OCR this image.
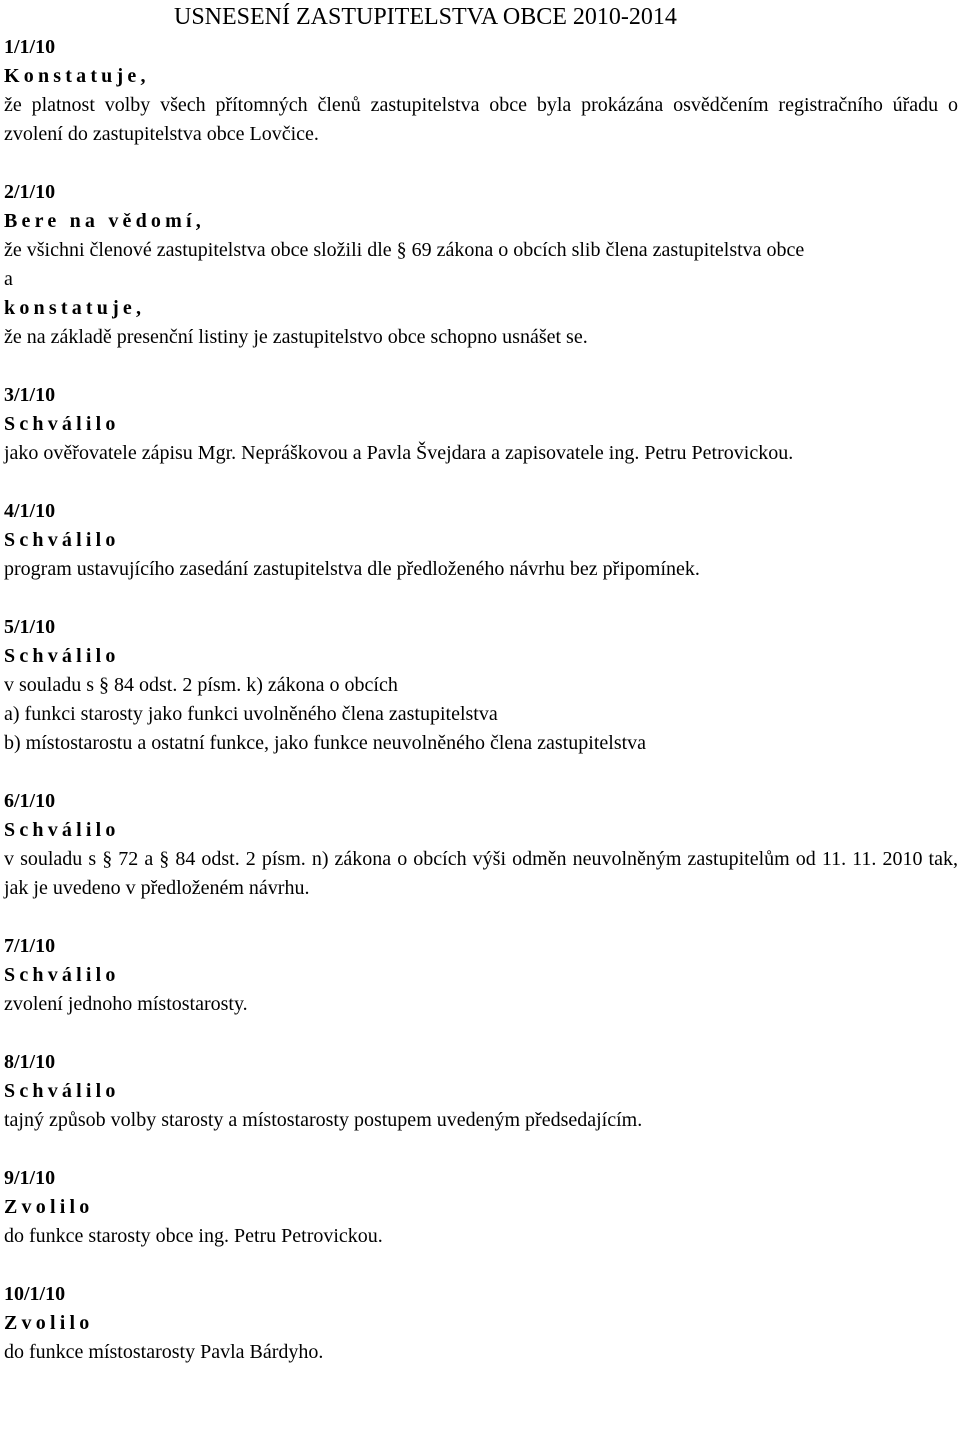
USNESENÍ ZASTUPITELSTVA OBCE 2010-2014
1/1/10
Konstatuje,
že platnost volby všech přítomných členů zastupitelstva obce byla prokázána osvědčením registračního úřadu o zvolení do zastupitelstva obce Lovčice.
2/1/10
Bere na vědomí,
že všichni členové zastupitelstva obce složili dle § 69 zákona o obcích slib člena zastupitelstva obce
a
konstatuje,
že na základě presenční listiny je zastupitelstvo obce schopno usnášet se.
3/1/10
Schválilo
jako ověřovatele zápisu Mgr. Nepráškovou a Pavla Švejdara a zapisovatele ing. Petru Petrovickou.
4/1/10
Schválilo
program ustavujícího zasedání zastupitelstva dle předloženého návrhu bez připomínek.
5/1/10
Schválilo
v souladu s § 84 odst. 2 písm. k) zákona o obcích
a) funkci starosty jako funkci uvolněného člena zastupitelstva
b) místostarostu a ostatní funkce, jako funkce neuvolněného člena zastupitelstva
6/1/10
Schválilo
v souladu s § 72 a § 84 odst. 2 písm. n) zákona o obcích výši odměn neuvolněným zastupitelům od 11. 11. 2010 tak, jak je uvedeno v předloženém návrhu.
7/1/10
Schválilo
zvolení jednoho místostarosty.
8/1/10
Schválilo
tajný způsob volby starosty a místostarosty postupem uvedeným předsedajícím.
9/1/10
Zvolilo
do funkce starosty obce ing. Petru Petrovickou.
10/1/10
Zvolilo
do funkce místostarosty Pavla Bárdyho.
